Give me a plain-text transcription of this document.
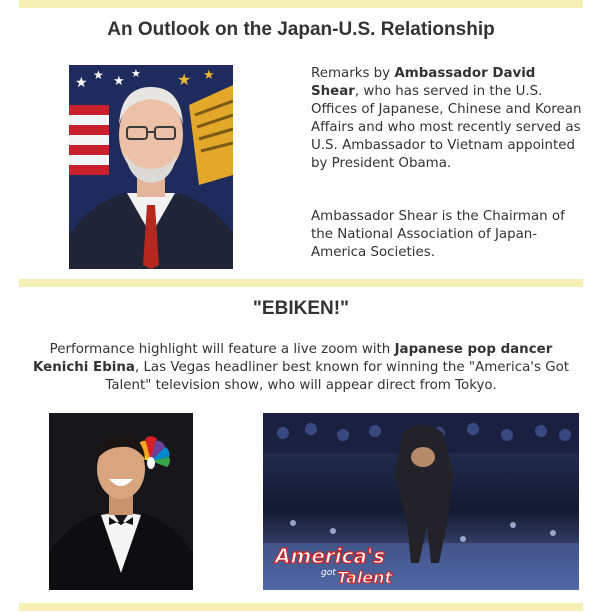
An Outlook on the Japan-U.S. Relationship
★ ★ ★
★ ★ ★	Remarks by Ambassador David Shear, who has served in the U.S. Offices of Japanese, Chinese and Korean Affairs and who most recently served as U.S. Ambassador to Vietnam appointed by President Obama.

Ambassador Shear is the Chairman of the National Association of Japan-America Societies.

"EBIKEN!"

Performance highlight will feature a live zoom with Japanese pop dancer Kenichi Ebina, Las Vegas headliner best known for winning the "America's Got Talent" television show, who will appear direct from Tokyo.

America's
got Talent
